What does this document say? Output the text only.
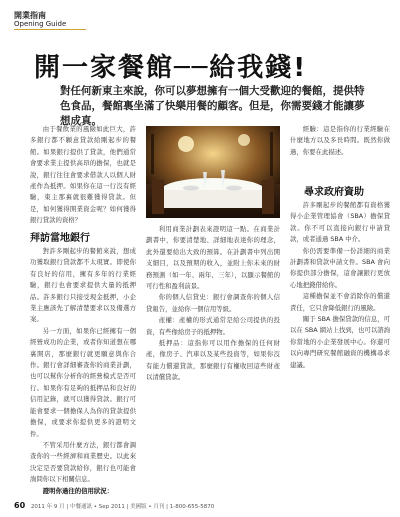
開業指南
Opening Guide
開一家餐館──給我錢!
對任何新東主來說，你可以夢想擁有一個大受歡迎的餐館，提供特色食品，餐館裏坐滿了快樂用餐的顧客。但是，你需要錢才能讓夢想成真。

由于餐飲業的風險如此巨大，許多銀行都不願意貸款給剛起步的餐館。如果銀行提供了貸款，他們通常會要求業主提供高昂的擔保，也就是說，銀行往往會要求借款人以個人財產作為抵押。如果你在這一行沒有經驗，東主那裏就很難獲得貸款。但是，如何獲得開業資金呢？如何獲得銀行貸款的資格？

拜訪當地銀行

對許多剛起步的餐館來說，想成功獲取銀行貸款都不太現實。即使你有良好的信用，擁有多年的行業經驗，銀行也會要求提供大量的抵押品。許多銀行只接受現金抵押，小企業主應該先了解清楚要求以及備選方案。

另一方面，如果你已經擁有一個經營成功的企業，或者你知道想在哪裏開店，那麼銀行就更願意與你合作。銀行會詳細審查你的商業計劃，也可以幫你分析你的經營模式是否可行。如果你有足夠的抵押品和良好的信用記錄，就可以獲得貸款。銀行可能會要求一個擔保人為你的貸款提供擔保，或要求你提供更多的證明文件。

不管采用什麼方法，銀行都會調查你的一些經濟和商業歷史。以此來決定是否要貸款給你，銀行也可能會詢問你以下相關信息。

證明你過往的信用狀況：

利用商業計劃表來證明這一點。在商業計劃書中，你要清楚地、詳細地表達你的理念，此外還要給出大致的預算。在計劃書中列出開支細目，以及預期的收入，並附上你未來的財務預測（如一年、兩年、三年），以顯示餐館的可行性和盈利前景。

你的個人信貸史：銀行會調查你的個人信貸報告，並給你一個信用等級。

產權：產權的形式通常是給公司提供的投資，有些像給房子的抵押物。

抵押品：這指你可以用作擔保的任何財產，像房子、汽車以及某些投資等，如果你沒有能力償還貸款，那麼銀行有權收回這些財產以清償貸款。

經驗：這是指你的行業經驗在什麼地方以及多長時間。既然你做過，你要在此描述。

尋求政府資助

許多剛起步的餐館都有資格獲得小企業管理協會（SBA）擔保貸款。你不可以直接向銀行申請貸款，或者通過 SBA 中介。

你仍需要準備一份詳細的商業計劃書和貸款申請文件。SBA 會向你提供部分擔保，這會讓銀行更放心地把錢借給你。

這種擔保並不會消除你的償還責任，它只會降低銀行的風險。

關于 SBA 擔保貸款的信息，可以在 SBA 網站上找到，也可以諮詢你當地的小企業發展中心。你還可以向專門研究餐館融資的機構尋求建議。

60 2011 年 9 月 | 中餐通訊 • Sep 2011 | 美國版 • 月刊 | 1-800-655-5870
